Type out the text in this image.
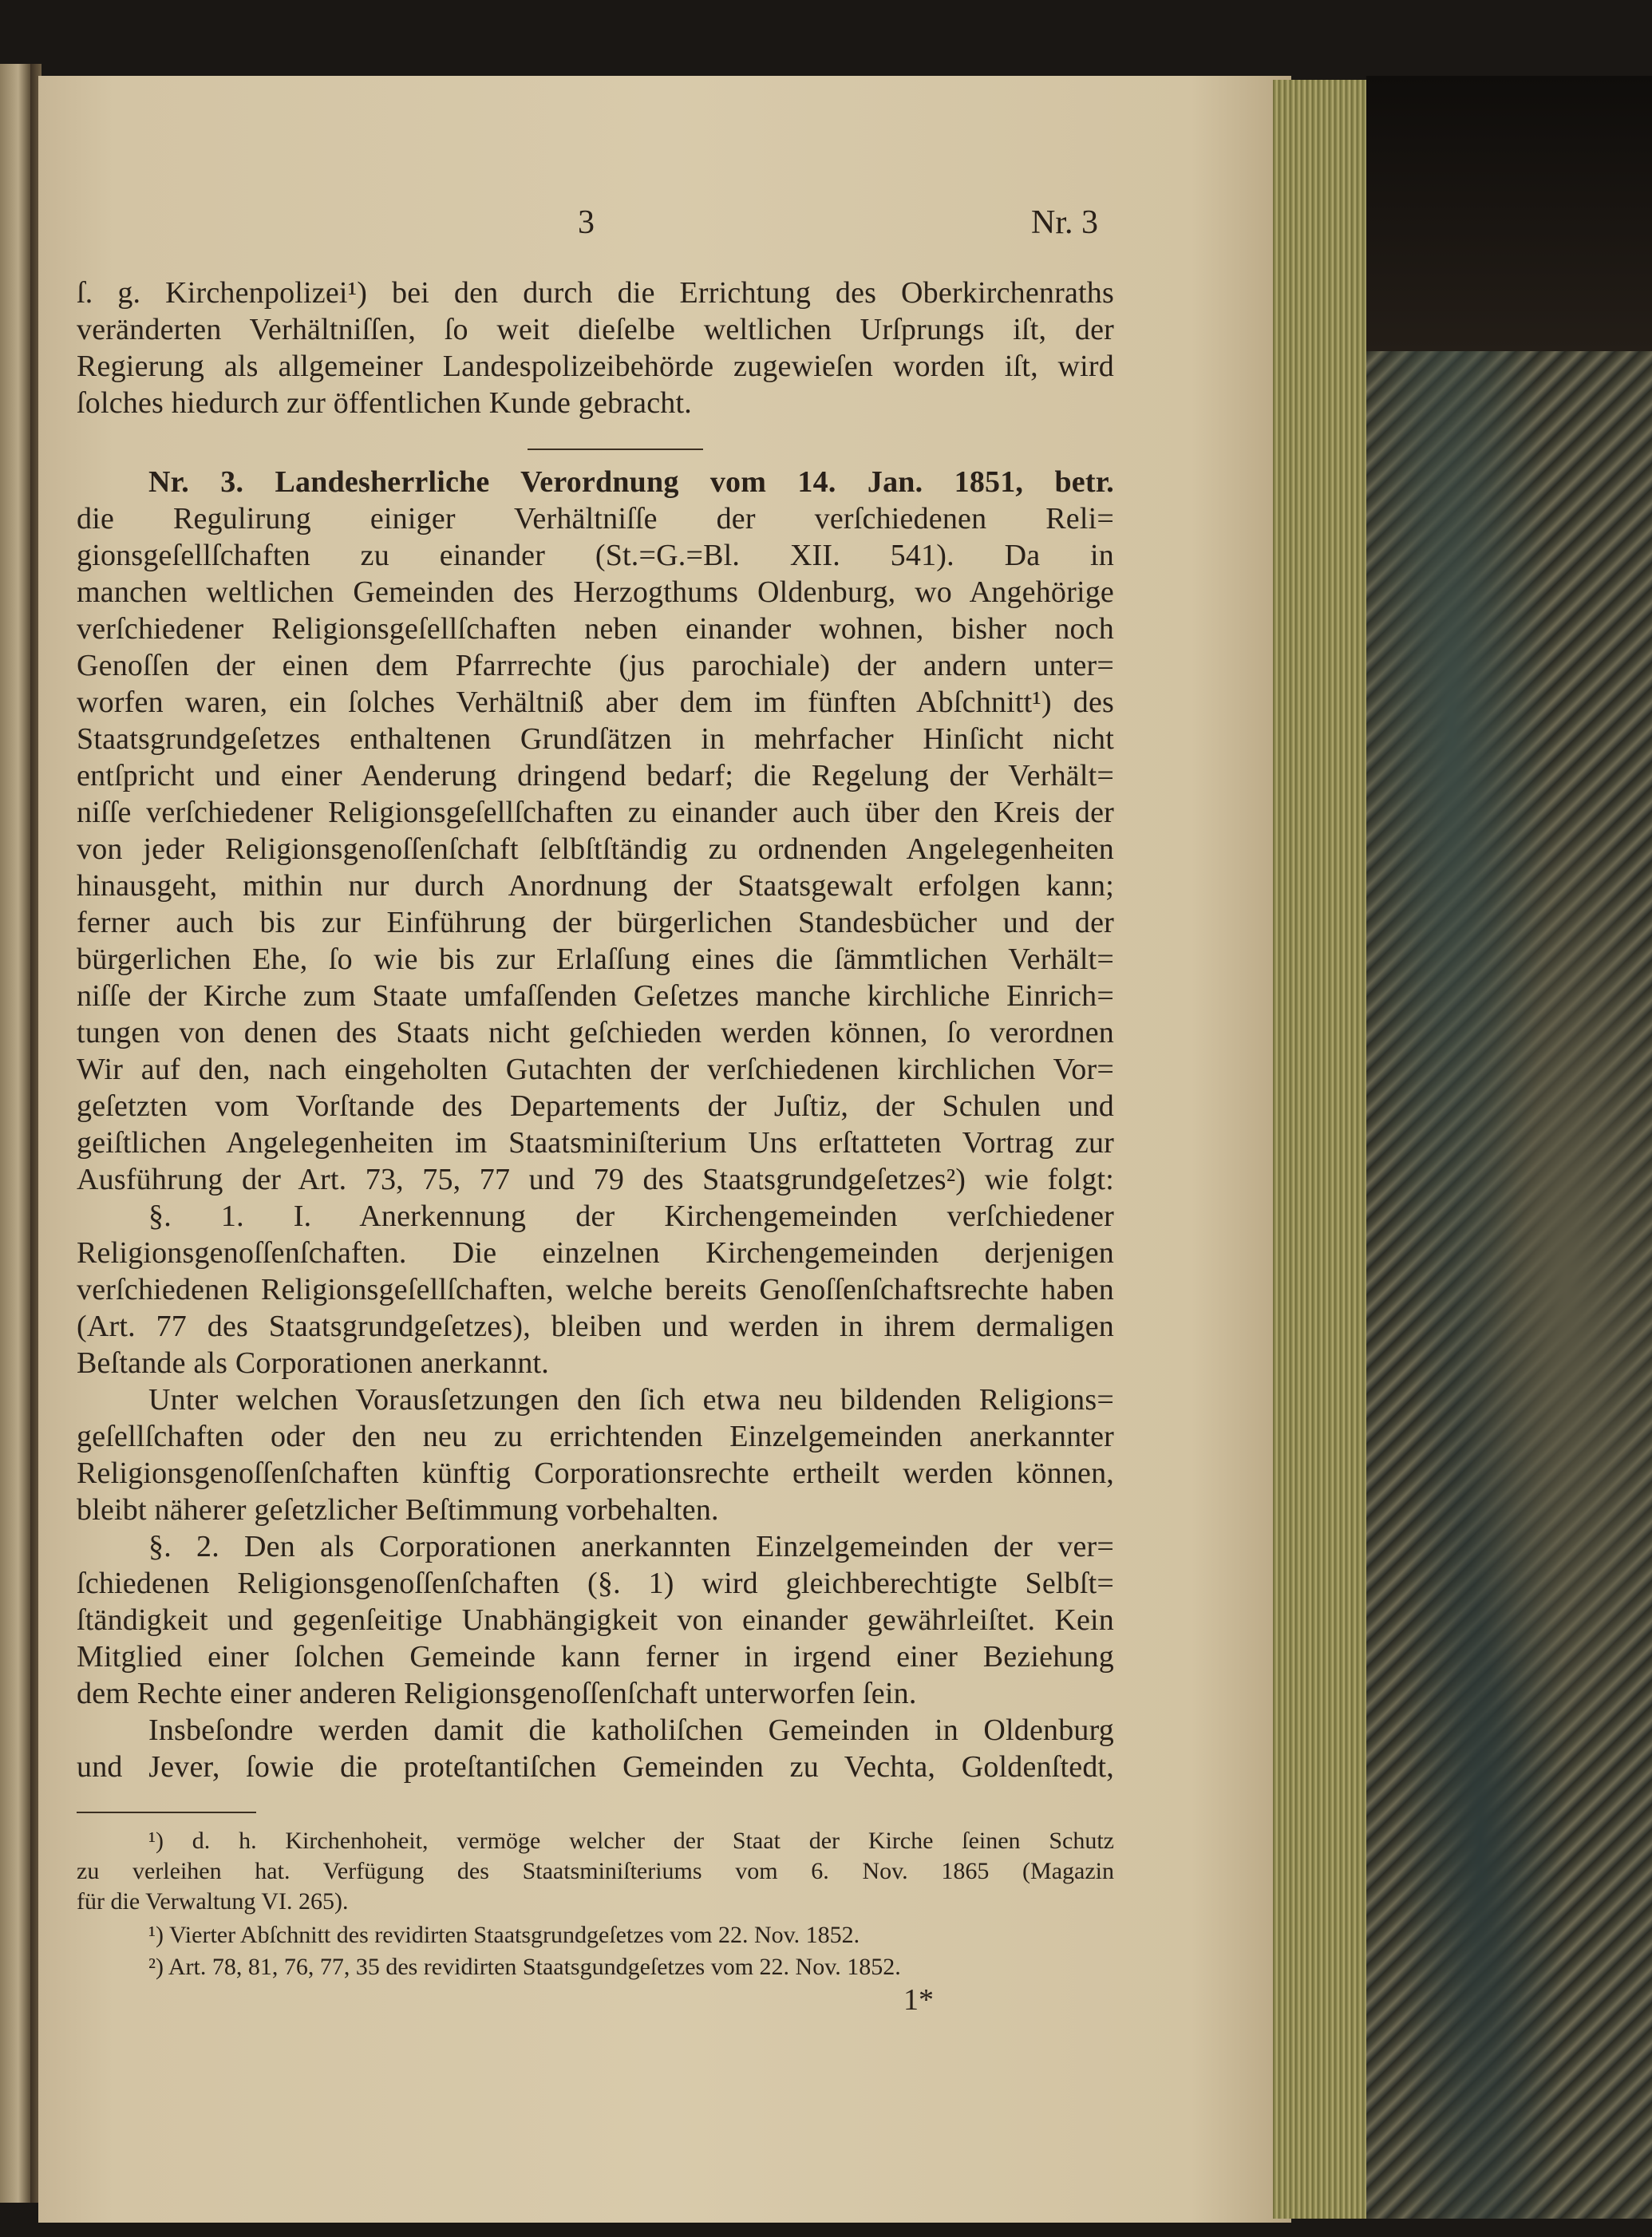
3	Nr. 3
ſ. g. Kirchenpolizei¹) bei den durch die Errichtung des Oberkirchenraths
veränderten Verhältniſſen, ſo weit dieſelbe weltlichen Urſprungs iſt, der
Regierung als allgemeiner Landespolizeibehörde zugewieſen worden iſt, wird
ſolches hiedurch zur öffentlichen Kunde gebracht.
Nr. 3. Landesherrliche Verordnung vom 14. Jan. 1851, betr.
die Regulirung einiger Verhältniſſe der verſchiedenen Reli=
gionsgeſellſchaften zu einander (St.=G.=Bl. XII. 541). Da in
manchen weltlichen Gemeinden des Herzogthums Oldenburg, wo Angehörige
verſchiedener Religionsgeſellſchaften neben einander wohnen, bisher noch
Genoſſen der einen dem Pfarrrechte (jus parochiale) der andern unter=
worfen waren, ein ſolches Verhältniß aber dem im fünften Abſchnitt¹) des
Staatsgrundgeſetzes enthaltenen Grundſätzen in mehrfacher Hinſicht nicht
entſpricht und einer Aenderung dringend bedarf; die Regelung der Verhält=
niſſe verſchiedener Religionsgeſellſchaften zu einander auch über den Kreis der
von jeder Religionsgenoſſenſchaft ſelbſtſtändig zu ordnenden Angelegenheiten
hinausgeht, mithin nur durch Anordnung der Staatsgewalt erfolgen kann;
ferner auch bis zur Einführung der bürgerlichen Standesbücher und der
bürgerlichen Ehe, ſo wie bis zur Erlaſſung eines die ſämmtlichen Verhält=
niſſe der Kirche zum Staate umfaſſenden Geſetzes manche kirchliche Einrich=
tungen von denen des Staats nicht geſchieden werden können, ſo verordnen
Wir auf den, nach eingeholten Gutachten der verſchiedenen kirchlichen Vor=
geſetzten vom Vorſtande des Departements der Juſtiz, der Schulen und
geiſtlichen Angelegenheiten im Staatsminiſterium Uns erſtatteten Vortrag zur
Ausführung der Art. 73, 75, 77 und 79 des Staatsgrundgeſetzes²) wie folgt:
§. 1. I. Anerkennung der Kirchengemeinden verſchiedener
Religionsgenoſſenſchaften. Die einzelnen Kirchengemeinden derjenigen
verſchiedenen Religionsgeſellſchaften, welche bereits Genoſſenſchaftsrechte haben
(Art. 77 des Staatsgrundgeſetzes), bleiben und werden in ihrem dermaligen
Beſtande als Corporationen anerkannt.
Unter welchen Vorausſetzungen den ſich etwa neu bildenden Religions=
geſellſchaften oder den neu zu errichtenden Einzelgemeinden anerkannter
Religionsgenoſſenſchaften künftig Corporationsrechte ertheilt werden können,
bleibt näherer geſetzlicher Beſtimmung vorbehalten.
§. 2. Den als Corporationen anerkannten Einzelgemeinden der ver=
ſchiedenen Religionsgenoſſenſchaften (§. 1) wird gleichberechtigte Selbſt=
ſtändigkeit und gegenſeitige Unabhängigkeit von einander gewährleiſtet. Kein
Mitglied einer ſolchen Gemeinde kann ferner in irgend einer Beziehung
dem Rechte einer anderen Religionsgenoſſenſchaft unterworfen ſein.
Insbeſondre werden damit die katholiſchen Gemeinden in Oldenburg
und Jever, ſowie die proteſtantiſchen Gemeinden zu Vechta, Goldenſtedt,
¹) d. h. Kirchenhoheit, vermöge welcher der Staat der Kirche ſeinen Schutz
zu verleihen hat. Verfügung des Staatsminiſteriums vom 6. Nov. 1865 (Magazin
für die Verwaltung VI. 265).
¹) Vierter Abſchnitt des revidirten Staatsgrundgeſetzes vom 22. Nov. 1852.
²) Art. 78, 81, 76, 77, 35 des revidirten Staatsgundgeſetzes vom 22. Nov. 1852.
1*
